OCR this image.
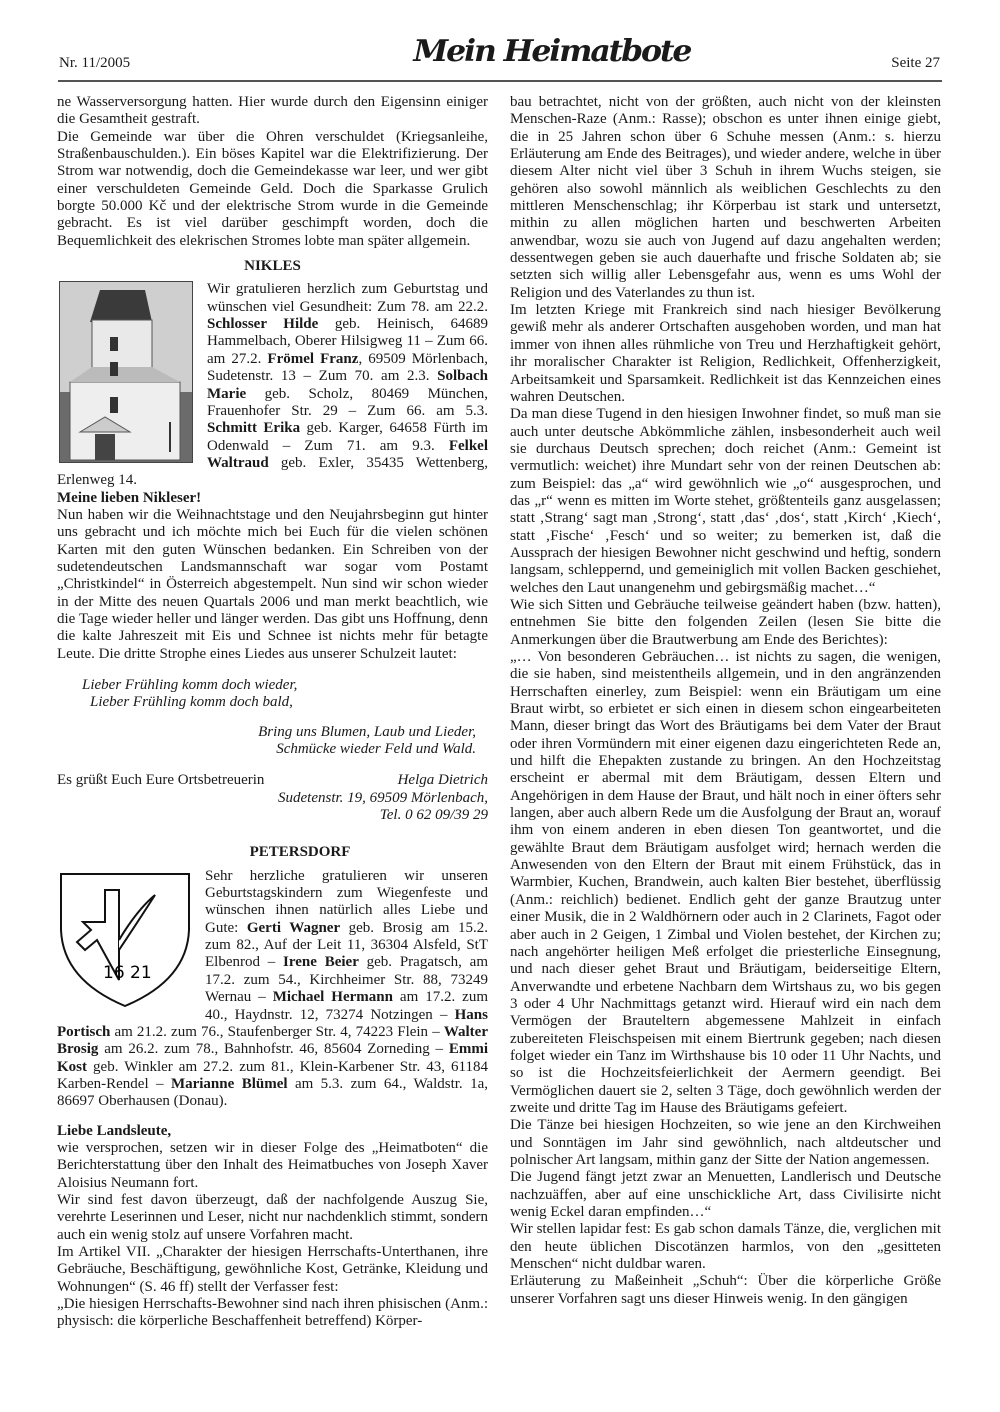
Nr. 11/2005	Mein Heimatbote	Seite 27

ne Wasserversorgung hatten. Hier wurde durch den Eigensinn einiger die Gesamtheit gestraft.

Die Gemeinde war über die Ohren verschuldet (Kriegsanleihe, Straßenbauschulden.). Ein böses Kapitel war die Elektrifizierung. Der Strom war notwendig, doch die Gemeindekasse war leer, und wer gibt einer verschuldeten Gemeinde Geld. Doch die Sparkasse Grulich borgte 50.000 Kč und der elektrische Strom wurde in die Gemeinde gebracht. Es ist viel darüber geschimpft worden, doch die Bequemlichkeit des elekrischen Stromes lobte man später allgemein.

NIKLES

Wir gratulieren herzlich zum Geburtstag und wünschen viel Gesundheit: Zum 78. am 22.2. Schlosser Hilde geb. Heinisch, 64689 Hammelbach, Oberer Hilsigweg 11 – Zum 66. am 27.2. Frömel Franz, 69509 Mörlenbach, Sudetenstr. 13 – Zum 70. am 2.3. Solbach Marie geb. Scholz, 80469 München, Frauenhofer Str. 29 – Zum 66. am 5.3. Schmitt Erika geb. Karger, 64658 Fürth im Odenwald – Zum 71. am 9.3. Felkel Waltraud geb. Exler, 35435 Wettenberg, Erlenweg 14.

Meine lieben Nikleser!

Nun haben wir die Weihnachtstage und den Neujahrsbeginn gut hinter uns gebracht und ich möchte mich bei Euch für die vielen schönen Karten mit den guten Wünschen bedanken. Ein Schreiben von der sudetendeutschen Landsmannschaft war sogar vom Postamt „Christkindel“ in Österreich abgestempelt. Nun sind wir schon wieder in der Mitte des neuen Quartals 2006 und man merkt beachtlich, wie die Tage wieder heller und länger werden. Das gibt uns Hoffnung, denn die kalte Jahreszeit mit Eis und Schnee ist nichts mehr für betagte Leute. Die dritte Strophe eines Liedes aus unserer Schulzeit lautet:

Lieber Frühling komm doch wieder,

Lieber Frühling komm doch bald,

Bring uns Blumen, Laub und Lieder,

Schmücke wieder Feld und Wald.

Es grüßt Euch Eure Ortsbetreuerin	Helga Dietrich
Sudetenstr. 19, 69509 Mörlenbach,
Tel. 0 62 09/39 29

PETERSDORF

16 21

Sehr herzliche gratulieren wir unseren Geburtstagskindern zum Wiegenfeste und wünschen ihnen natürlich alles Liebe und Gute: Gerti Wagner geb. Brosig am 15.2. zum 82., Auf der Leit 11, 36304 Alsfeld, StT Elbenrod – Irene Beier geb. Pragatsch, am 17.2. zum 54., Kirchheimer Str. 88, 73249 Wernau – Michael Hermann am 17.2. zum 40., Haydnstr. 12, 73274 Notzingen – Hans Portisch am 21.2. zum 76., Staufenberger Str. 4, 74223 Flein – Walter Brosig am 26.2. zum 78., Bahnhofstr. 46, 85604 Zorneding – Emmi Kost geb. Winkler am 27.2. zum 81., Klein-Karbener Str. 43, 61184 Karben-Rendel – Marianne Blümel am 5.3. zum 64., Waldstr. 1a, 86697 Oberhausen (Donau).

Liebe Landsleute,

wie versprochen, setzen wir in dieser Folge des „Heimatboten“ die Berichterstattung über den Inhalt des Heimatbuches von Joseph Xaver Aloisius Neumann fort.

Wir sind fest davon überzeugt, daß der nachfolgende Auszug Sie, verehrte Leserinnen und Leser, nicht nur nachdenklich stimmt, sondern auch ein wenig stolz auf unsere Vorfahren macht.

Im Artikel VII. „Charakter der hiesigen Herrschafts-Unterthanen, ihre Gebräuche, Beschäftigung, gewöhnliche Kost, Getränke, Kleidung und Wohnungen“ (S. 46 ff) stellt der Verfasser fest:

„Die hiesigen Herrschafts-Bewohner sind nach ihren phisischen (Anm.: physisch: die körperliche Beschaffenheit betreffend) Körper-

bau betrachtet, nicht von der größten, auch nicht von der kleinsten Menschen-Raze (Anm.: Rasse); obschon es unter ihnen einige giebt, die in 25 Jahren schon über 6 Schuhe messen (Anm.: s. hierzu Erläuterung am Ende des Beitrages), und wieder andere, welche in über diesem Alter nicht viel über 3 Schuh in ihrem Wuchs steigen, sie gehören also sowohl männlich als weiblichen Geschlechts zu den mittleren Menschenschlag; ihr Körperbau ist stark und untersetzt, mithin zu allen möglichen harten und beschwerten Arbeiten anwendbar, wozu sie auch von Jugend auf dazu angehalten werden; dessentwegen geben sie auch dauerhafte und frische Soldaten ab; sie setzten sich willig aller Lebensgefahr aus, wenn es ums Wohl der Religion und des Vaterlandes zu thun ist.

Im letzten Kriege mit Frankreich sind nach hiesiger Bevölkerung gewiß mehr als anderer Ortschaften ausgehoben worden, und man hat immer von ihnen alles rühmliche von Treu und Herzhaftigkeit gehört, ihr moralischer Charakter ist Religion, Redlichkeit, Offenherzigkeit, Arbeitsamkeit und Sparsamkeit. Redlichkeit ist das Kennzeichen eines wahren Deutschen.

Da man diese Tugend in den hiesigen Inwohner findet, so muß man sie auch unter deutsche Abkömmliche zählen, insbesonderheit auch weil sie durchaus Deutsch sprechen; doch reichet (Anm.: Gemeint ist vermutlich: weichet) ihre Mundart sehr von der reinen Deutschen ab: zum Beispiel: das „a“ wird gewöhnlich wie „o“ ausgesprochen, und das „r“ wenn es mitten im Worte stehet, größtenteils ganz ausgelassen; statt ‚Strang‘ sagt man ‚Strong‘, statt ‚das‘ ‚dos‘, statt ‚Kirch‘ ‚Kiech‘, statt ‚Fische‘ ‚Fesch‘ und so weiter; zu bemerken ist, daß die Aussprach der hiesigen Bewohner nicht geschwind und heftig, sondern langsam, schleppernd, und gemeiniglich mit vollen Backen geschiehet, welches den Laut unangenehm und gebirgsmäßig machet…“

Wie sich Sitten und Gebräuche teilweise geändert haben (bzw. hatten), entnehmen Sie bitte den folgenden Zeilen (lesen Sie bitte die Anmerkungen über die Brautwerbung am Ende des Berichtes):

„… Von besonderen Gebräuchen… ist nichts zu sagen, die wenigen, die sie haben, sind meistentheils allgemein, und in den angränzenden Herrschaften einerley, zum Beispiel: wenn ein Bräutigam um eine Braut wirbt, so erbietet er sich einen in diesem schon eingearbeiteten Mann, dieser bringt das Wort des Bräutigams bei dem Vater der Braut oder ihren Vormündern mit einer eigenen dazu eingerichteten Rede an, und hilft die Ehepakten zustande zu bringen. An den Hochzeitstag erscheint er abermal mit dem Bräutigam, dessen Eltern und Angehörigen in dem Hause der Braut, und hält noch in einer öfters sehr langen, aber auch albern Rede um die Ausfolgung der Braut an, worauf ihm von einem anderen in eben diesen Ton geantwortet, und die gewählte Braut dem Bräutigam ausfolget wird; hernach werden die Anwesenden von den Eltern der Braut mit einem Frühstück, das in Warmbier, Kuchen, Brandwein, auch kalten Bier bestehet, überflüssig (Anm.: reichlich) bedienet. Endlich geht der ganze Brautzug unter einer Musik, die in 2 Waldhörnern oder auch in 2 Clarinets, Fagot oder aber auch in 2 Geigen, 1 Zimbal und Violen bestehet, der Kirchen zu; nach angehörter heiligen Meß erfolget die priesterliche Einsegnung, und nach dieser gehet Braut und Bräutigam, beiderseitige Eltern, Anverwandte und erbetene Nachbarn dem Wirtshaus zu, wo bis gegen 3 oder 4 Uhr Nachmittags getanzt wird. Hierauf wird ein nach dem Vermögen der Brauteltern abgemessene Mahlzeit in einfach zubereiteten Fleischspeisen mit einem Biertrunk gegeben; nach diesen folget wieder ein Tanz im Wirthshause bis 10 oder 11 Uhr Nachts, und so ist die Hochzeitsfeierlichkeit der Aermern geendigt. Bei Vermöglichen dauert sie 2, selten 3 Täge, doch gewöhnlich werden der zweite und dritte Tag im Hause des Bräutigams gefeiert.

Die Tänze bei hiesigen Hochzeiten, so wie jene an den Kirchweihen und Sonntägen im Jahr sind gewöhnlich, nach altdeutscher und polnischer Art langsam, mithin ganz der Sitte der Nation angemessen.

Die Jugend fängt jetzt zwar an Menuetten, Landlerisch und Deutsche nachzuäffen, aber auf eine unschickliche Art, dass Civilisirte nicht wenig Eckel daran empfinden…“

Wir stellen lapidar fest: Es gab schon damals Tänze, die, verglichen mit den heute üblichen Discotänzen harmlos, von den „gesitteten Menschen“ nicht duldbar waren.

Erläuterung zu Maßeinheit „Schuh“: Über die körperliche Größe unserer Vorfahren sagt uns dieser Hinweis wenig. In den gängigen
